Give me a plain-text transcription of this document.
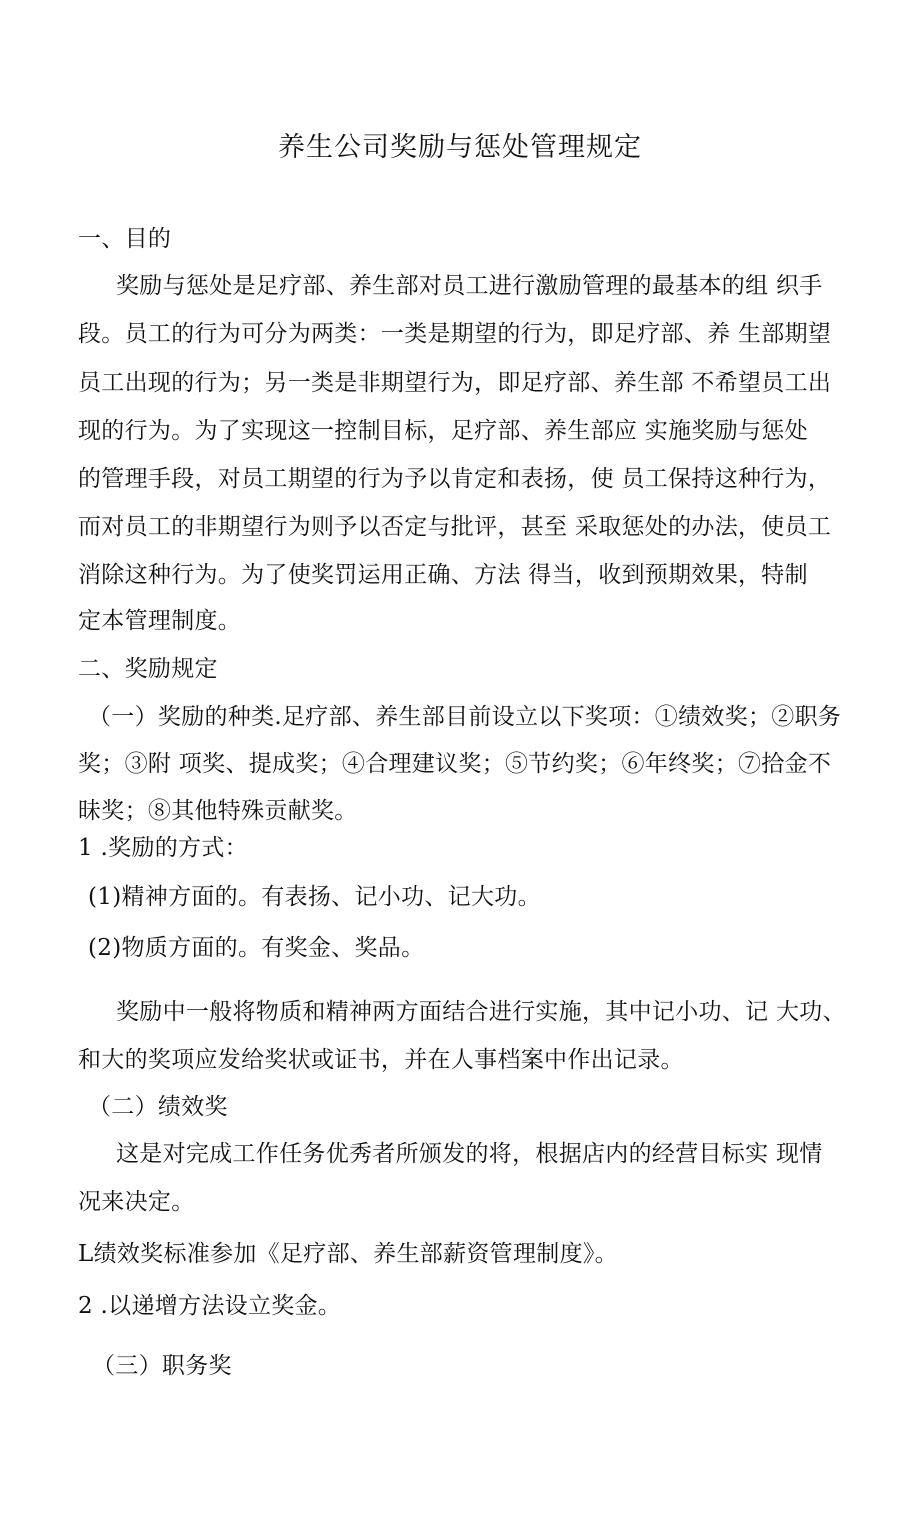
养生公司奖励与惩处管理规定
一、目的
奖励与惩处是足疗部、养生部对员工进行激励管理的最基本的组 织手
段。员工的行为可分为两类：一类是期望的行为，即足疗部、养 生部期望
员工出现的行为；另一类是非期望行为，即足疗部、养生部 不希望员工出
现的行为。为了实现这一控制目标，足疗部、养生部应 实施奖励与惩处
的管理手段，对员工期望的行为予以肯定和表扬，使 员工保持这种行为，
而对员工的非期望行为则予以否定与批评，甚至 采取惩处的办法，使员工
消除这种行为。为了使奖罚运用正确、方法 得当，收到预期效果，特制
定本管理制度。
二、奖励规定
（一）奖励的种类.足疗部、养生部目前设立以下奖项：①绩效奖；②职务
奖；③附 项奖、提成奖；④合理建议奖；⑤节约奖；⑥年终奖；⑦拾金不
昧奖；⑧其他特殊贡献奖。
1 .奖励的方式：
(1)精神方面的。有表扬、记小功、记大功。
(2)物质方面的。有奖金、奖品。
奖励中一般将物质和精神两方面结合进行实施，其中记小功、记 大功、
和大的奖项应发给奖状或证书，并在人事档案中作出记录。
（二）绩效奖
这是对完成工作任务优秀者所颁发的将，根据店内的经营目标实 现情
况来决定。
L绩效奖标准参加《足疗部、养生部薪资管理制度》。
2 .以递增方法设立奖金。
（三）职务奖
